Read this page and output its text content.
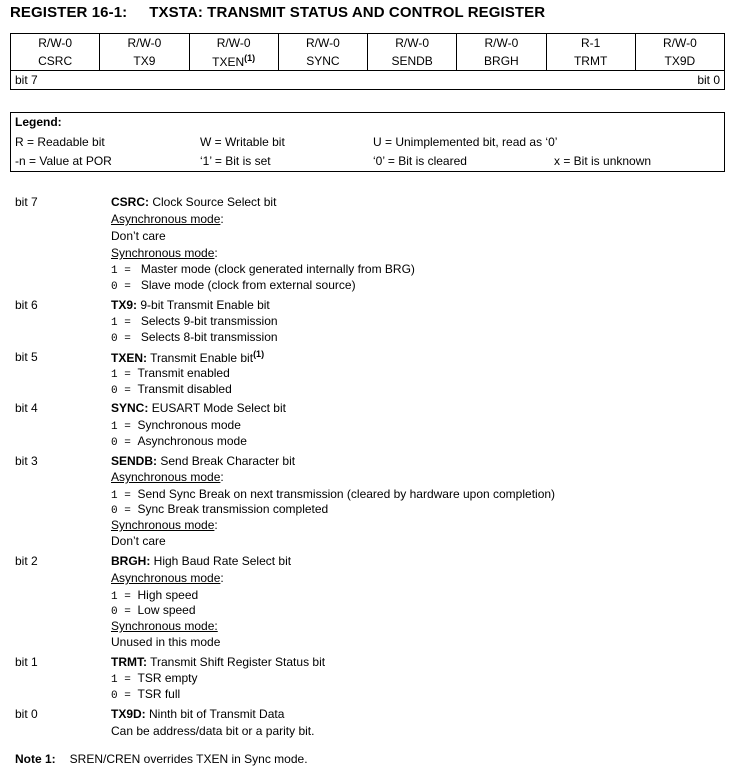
REGISTER 16-1: TXSTA: TRANSMIT STATUS AND CONTROL REGISTER
R/W-0	R/W-0	R/W-0	R/W-0	R/W-0	R/W-0	R-1	R/W-0
CSRC	TX9	TXEN$^{(1)}$	SYNC	SENDB	BRGH	TRMT	TX9D
bit 7 bit 0							
Legend:
R = Readable bit	W = Writable bit	U = Unimplemented bit, read as ‘0’
-n = Value at POR	‘1’ = Bit is set	‘0’ = Bit is cleared	x = Bit is unknown
bit 7	CSRC: Clock Source Select bit
Asynchronous mode:
Don’t care
Synchronous mode:
1 = Master mode (clock generated internally from BRG)
0 = Slave mode (clock from external source)
bit 6	TX9: 9-bit Transmit Enable bit
1 = Selects 9-bit transmission
0 = Selects 8-bit transmission
bit 5	TXEN: Transmit Enable bit$^{(1)}$
1 = Transmit enabled
0 = Transmit disabled
bit 4	SYNC: EUSART Mode Select bit
1 = Synchronous mode
0 = Asynchronous mode
bit 3	SENDB: Send Break Character bit
Asynchronous mode:
1 = Send Sync Break on next transmission (cleared by hardware upon completion)
0 = Sync Break transmission completed
Synchronous mode:
Don’t care
bit 2	BRGH: High Baud Rate Select bit
Asynchronous mode:
1 = High speed
0 = Low speed
Synchronous mode:
Unused in this mode
bit 1	TRMT: Transmit Shift Register Status bit
1 = TSR empty
0 = TSR full
bit 0	TX9D: Ninth bit of Transmit Data
Can be address/data bit or a parity bit.
Note 1: SREN/CREN overrides TXEN in Sync mode.
